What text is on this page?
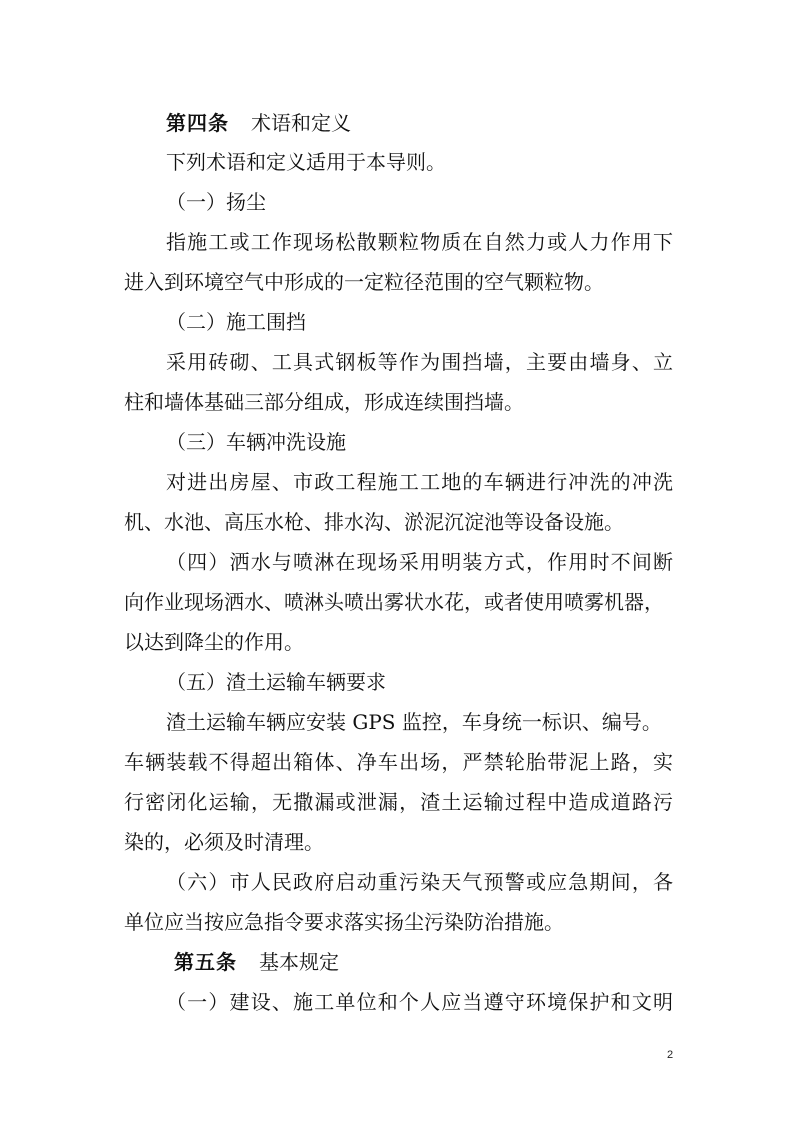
第四条 术语和定义
下列术语和定义适用于本导则。
（一）扬尘
指施工或工作现场松散颗粒物质在自然力或人力作用下
进入到环境空气中形成的一定粒径范围的空气颗粒物。
（二）施工围挡
采用砖砌、工具式钢板等作为围挡墙，主要由墙身、立
柱和墙体基础三部分组成，形成连续围挡墙。
（三）车辆冲洗设施
对进出房屋、市政工程施工工地的车辆进行冲洗的冲洗
机、水池、高压水枪、排水沟、淤泥沉淀池等设备设施。
（四）洒水与喷淋在现场采用明装方式，作用时不间断
向作业现场洒水、喷淋头喷出雾状水花，或者使用喷雾机器，
以达到降尘的作用。
（五）渣土运输车辆要求
渣土运输车辆应安装 GPS 监控，车身统一标识、编号。
车辆装载不得超出箱体、净车出场，严禁轮胎带泥上路，实
行密闭化运输，无撒漏或泄漏，渣土运输过程中造成道路污
染的，必须及时清理。
（六）市人民政府启动重污染天气预警或应急期间，各
单位应当按应急指令要求落实扬尘污染防治措施。
第五条 基本规定
（一）建设、施工单位和个人应当遵守环境保护和文明
2
